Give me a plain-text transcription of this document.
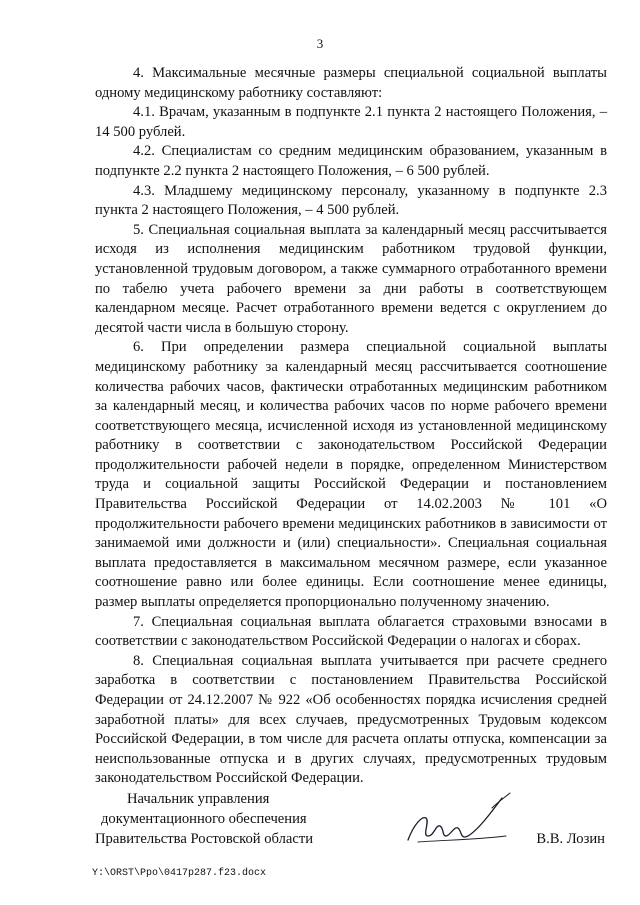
3

4. Максимальные месячные размеры специальной социальной выплаты одному медицинскому работнику составляют:

4.1. Врачам, указанным в подпункте 2.1 пункта 2 настоящего Положения, – 14 500 рублей.

4.2. Специалистам со средним медицинским образованием, указанным в подпункте 2.2 пункта 2 настоящего Положения, – 6 500 рублей.

4.3. Младшему медицинскому персоналу, указанному в подпункте 2.3 пункта 2 настоящего Положения, – 4 500 рублей.

5. Специальная социальная выплата за календарный месяц рассчитывается исходя из исполнения медицинским работником трудовой функции, установленной трудовым договором, а также суммарного отработанного времени по табелю учета рабочего времени за дни работы в соответствующем календарном месяце. Расчет отработанного времени ведется с округлением до десятой части числа в большую сторону.

6. При определении размера специальной социальной выплаты медицинскому работнику за календарный месяц рассчитывается соотношение количества рабочих часов, фактически отработанных медицинским работником за календарный месяц, и количества рабочих часов по норме рабочего времени соответствующего месяца, исчисленной исходя из установленной медицинскому работнику в соответствии с законодательством Российской Федерации продолжительности рабочей недели в порядке, определенном Министерством труда и социальной защиты Российской Федерации и постановлением Правительства Российской Федерации от 14.02.2003 № 101 «О продолжительности рабочего времени медицинских работников в зависимости от занимаемой ими должности и (или) специальности». Специальная социальная выплата предоставляется в максимальном месячном размере, если указанное соотношение равно или более единицы. Если соотношение менее единицы, размер выплаты определяется пропорционально полученному значению.

7. Специальная социальная выплата облагается страховыми взносами в соответствии с законодательством Российской Федерации о налогах и сборах.

8. Специальная социальная выплата учитывается при расчете среднего заработка в соответствии с постановлением Правительства Российской Федерации от 24.12.2007 № 922 «Об особенностях порядка исчисления средней заработной платы» для всех случаев, предусмотренных Трудовым кодексом Российской Федерации, в том числе для расчета оплаты отпуска, компенсации за неиспользованные отпуска и в других случаях, предусмотренных трудовым законодательством Российской Федерации.

Начальник управления
документационного обеспечения
Правительства Ростовской области	В.В. Лозин
Y:\ORST\Ppo\0417p287.f23.docx
